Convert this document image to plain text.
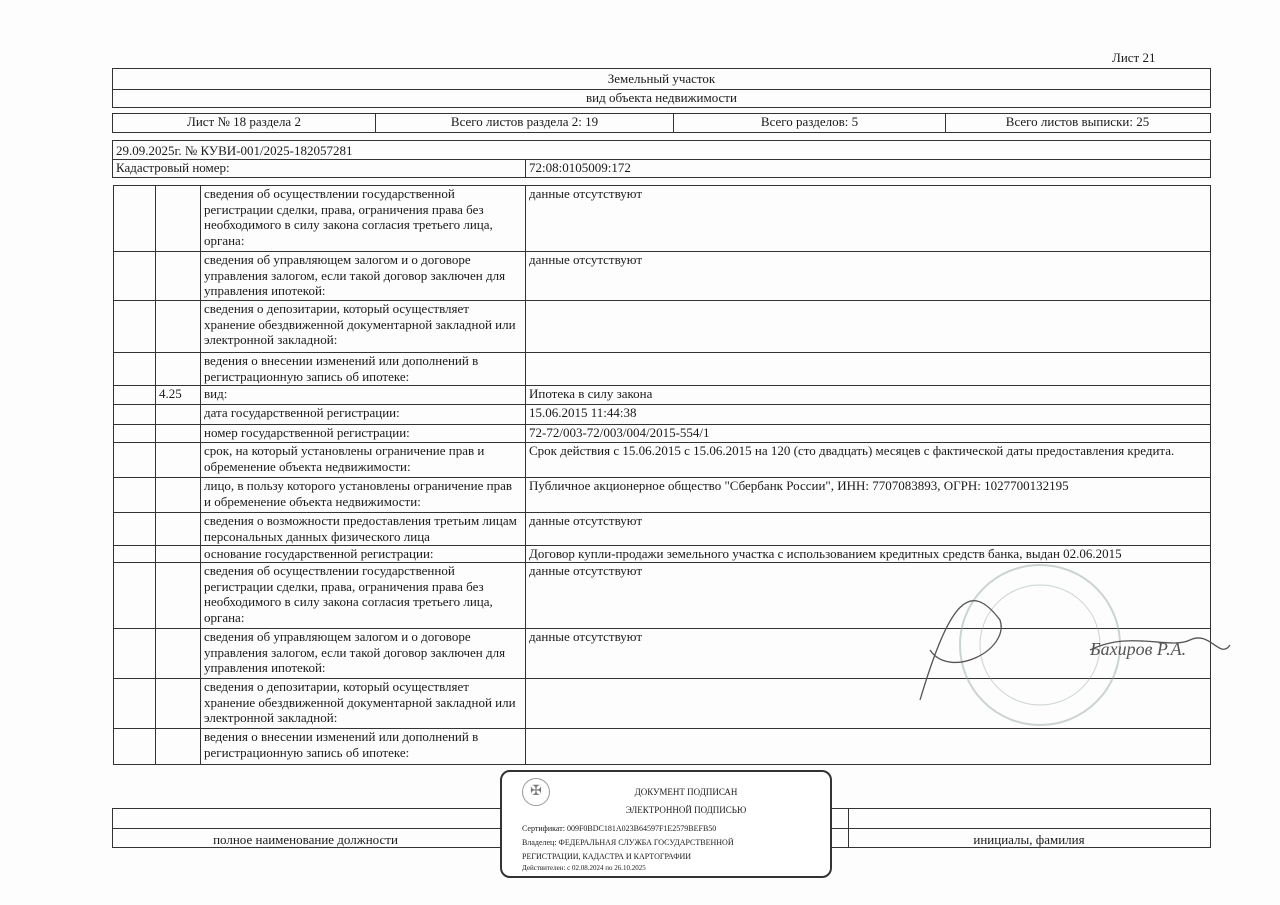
Лист 21
Земельный участок
вид объекта недвижимости
Лист № 18 раздела 2	Всего листов раздела 2: 19	Всего разделов: 5	Всего листов выписки: 25
29.09.2025г. № КУВИ-001/2025-182057281
Кадастровый номер:	72:08:0105009:172
		сведения об осуществлении государственной регистрации сделки, права, ограничения права без необходимого в силу закона согласия третьего лица, органа:	данные отсутствуют
		сведения об управляющем залогом и о договоре управления залогом, если такой договор заключен для управления ипотекой:	данные отсутствуют
		сведения о депозитарии, который осуществляет хранение обездвиженной документарной закладной или электронной закладной:	
		ведения о внесении изменений или дополнений в регистрационную запись об ипотеке:	
	4.25	вид:	Ипотека в силу закона
		дата государственной регистрации:	15.06.2015 11:44:38
		номер государственной регистрации:	72-72/003-72/003/004/2015-554/1
		срок, на который установлены ограничение прав и обременение объекта недвижимости:	Срок действия с 15.06.2015 с 15.06.2015 на 120 (сто двадцать) месяцев с фактической даты предоставления кредита.
		лицо, в пользу которого установлены ограничение прав и обременение объекта недвижимости:	Публичное акционерное общество "Сбербанк России", ИНН: 7707083893, ОГРН: 1027700132195
		сведения о возможности предоставления третьим лицам персональных данных физического лица	данные отсутствуют
		основание государственной регистрации:	Договор купли-продажи земельного участка с использованием кредитных средств банка, выдан 02.06.2015
		сведения об осуществлении государственной регистрации сделки, права, ограничения права без необходимого в силу закона согласия третьего лица, органа:	данные отсутствуют
		сведения об управляющем залогом и о договоре управления залогом, если такой договор заключен для управления ипотекой:	данные отсутствуют
		сведения о депозитарии, который осуществляет хранение обездвиженной документарной закладной или электронной закладной:	
		ведения о внесении изменений или дополнений в регистрационную запись об ипотеке:	
Бахиров Р.А.
полное наименование должности	инициалы, фамилия
✠	ДОКУМЕНТ ПОДПИСАН
ЭЛЕКТРОННОЙ ПОДПИСЬЮ
Сертификат: 009F0BDC181A023B64597F1E2579BEFB50
Владелец: ФЕДЕРАЛЬНАЯ СЛУЖБА ГОСУДАРСТВЕННОЙ
РЕГИСТРАЦИИ, КАДАСТРА И КАРТОГРАФИИ
Действителен: с 02.08.2024 по 26.10.2025
